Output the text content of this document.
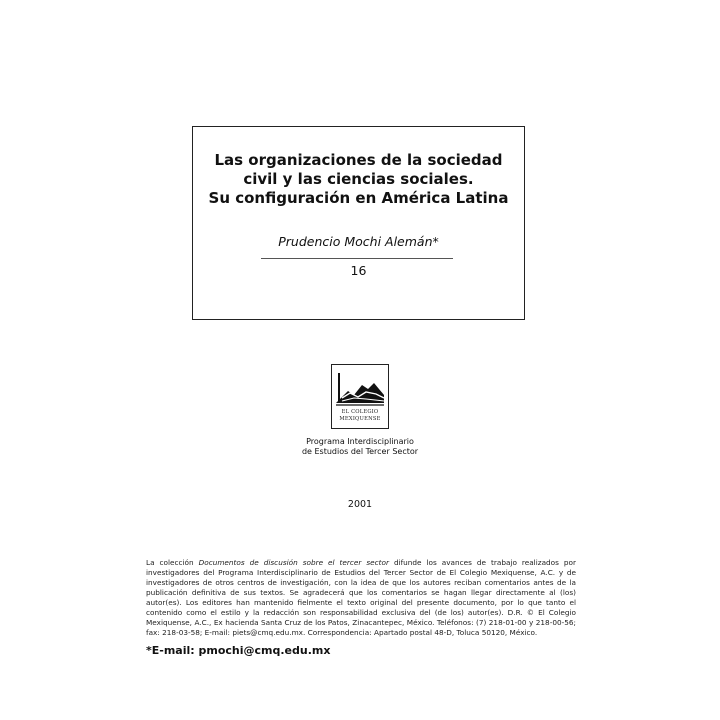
Las organizaciones de la sociedad
civil y las ciencias sociales.
Su configuración en América Latina
Prudencio Mochi Alemán*
16
EL COLEGIO
MEXIQUENSE
Programa Interdisciplinario
de Estudios del Tercer Sector
2001
La colección Documentos de discusión sobre el tercer sector difunde los avances de trabajo realizados por investigadores del Programa Interdisciplinario de Estudios del Tercer Sector de El Colegio Mexiquense, A.C. y de investigadores de otros centros de investigación, con la idea de que los autores reciban comentarios antes de la publicación definitiva de sus textos. Se agradecerá que los comentarios se hagan llegar directamente al (los) autor(es). Los editores han mantenido fielmente el texto original del presente documento, por lo que tanto el contenido como el estilo y la redacción son responsabilidad exclusiva del (de los) autor(es). D.R. © El Colegio Mexiquense, A.C., Ex hacienda Santa Cruz de los Patos, Zinacantepec, México. Teléfonos: (7) 218-01-00 y 218-00-56; fax: 218-03-58; E-mail: piets@cmq.edu.mx. Correspondencia: Apartado postal 48-D, Toluca 50120, México.
*E-mail: pmochi@cmq.edu.mx
